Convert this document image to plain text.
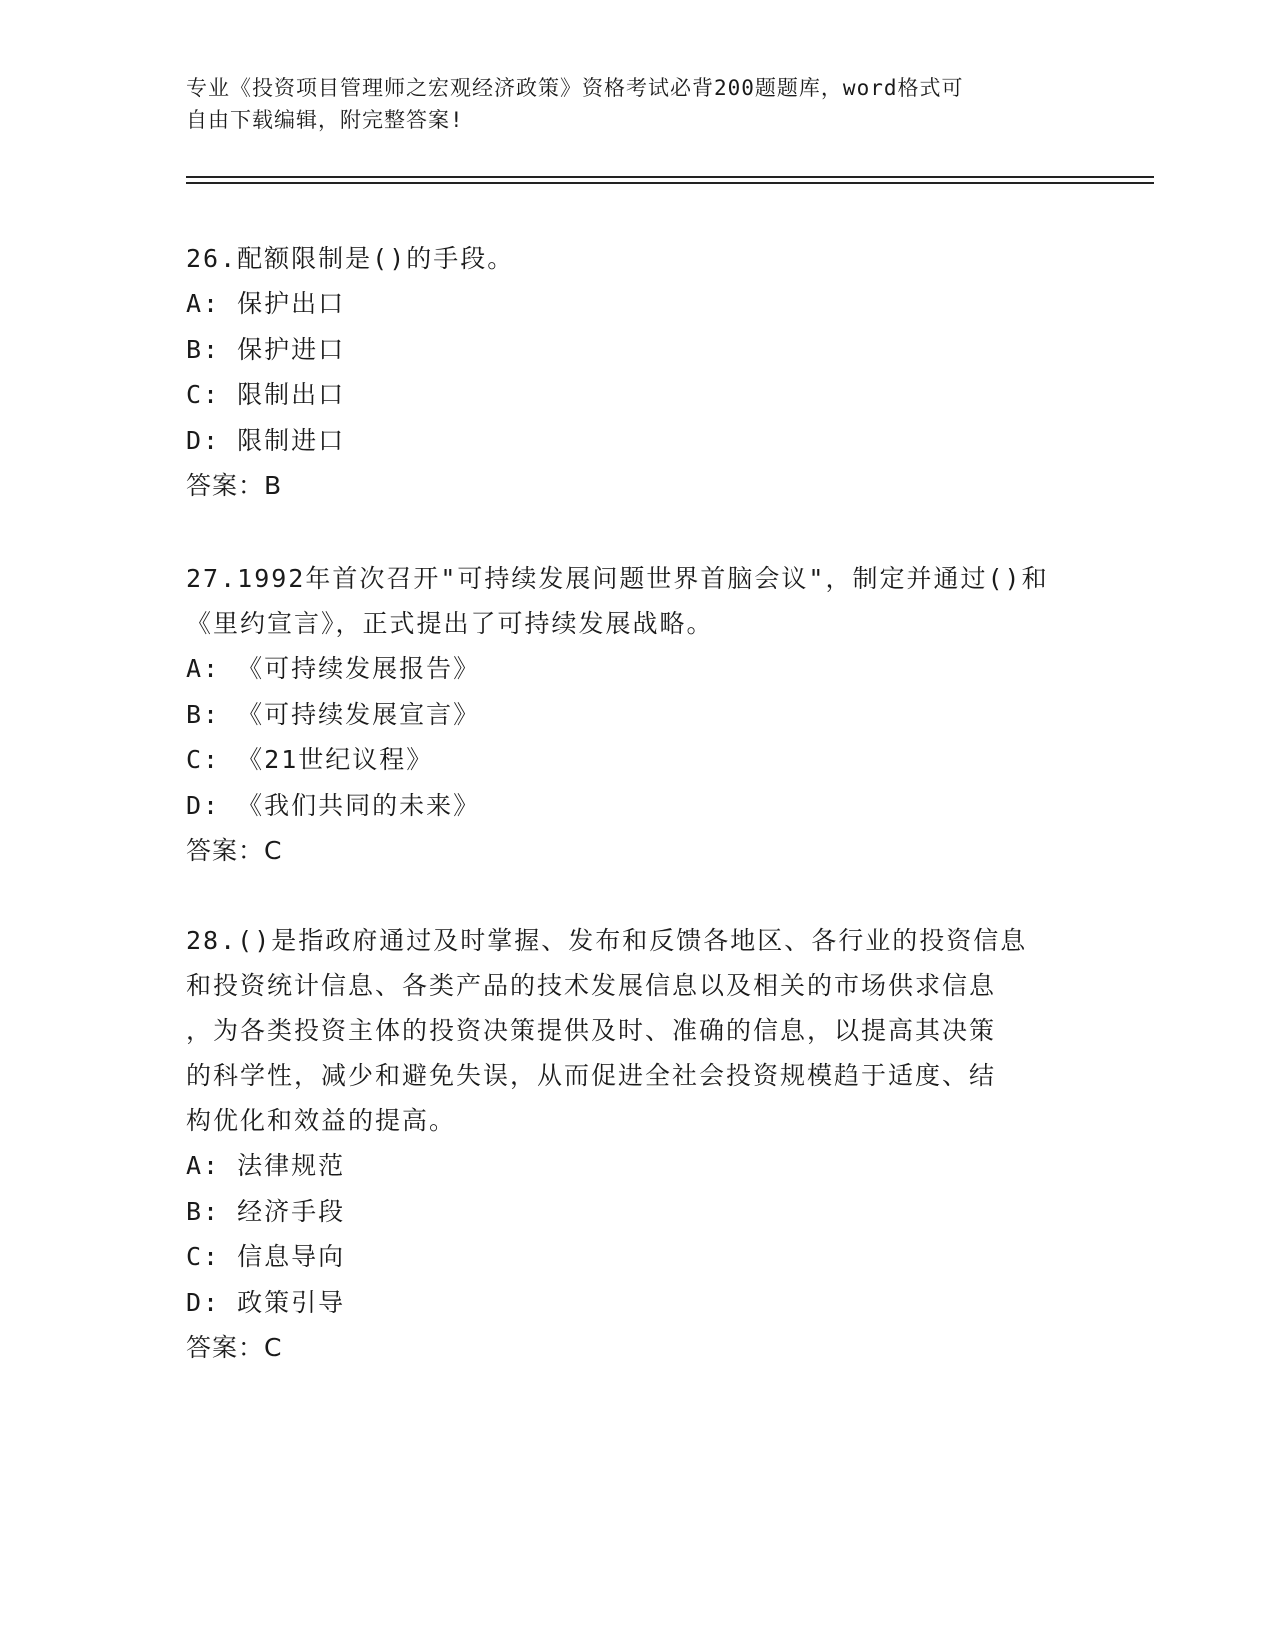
专业《投资项目管理师之宏观经济政策》资格考试必背200题题库，word格式可
自由下载编辑，附完整答案!
26.配额限制是()的手段。
A: 保护出口
B: 保护进口
C: 限制出口
D: 限制进口
答案：B
27.1992年首次召开"可持续发展问题世界首脑会议"，制定并通过()和
《里约宣言》，正式提出了可持续发展战略。
A: 《可持续发展报告》
B: 《可持续发展宣言》
C: 《21世纪议程》
D: 《我们共同的未来》
答案：C
28.()是指政府通过及时掌握、发布和反馈各地区、各行业的投资信息
和投资统计信息、各类产品的技术发展信息以及相关的市场供求信息
，为各类投资主体的投资决策提供及时、准确的信息，以提高其决策
的科学性，减少和避免失误，从而促进全社会投资规模趋于适度、结
构优化和效益的提高。
A: 法律规范
B: 经济手段
C: 信息导向
D: 政策引导
答案：C
